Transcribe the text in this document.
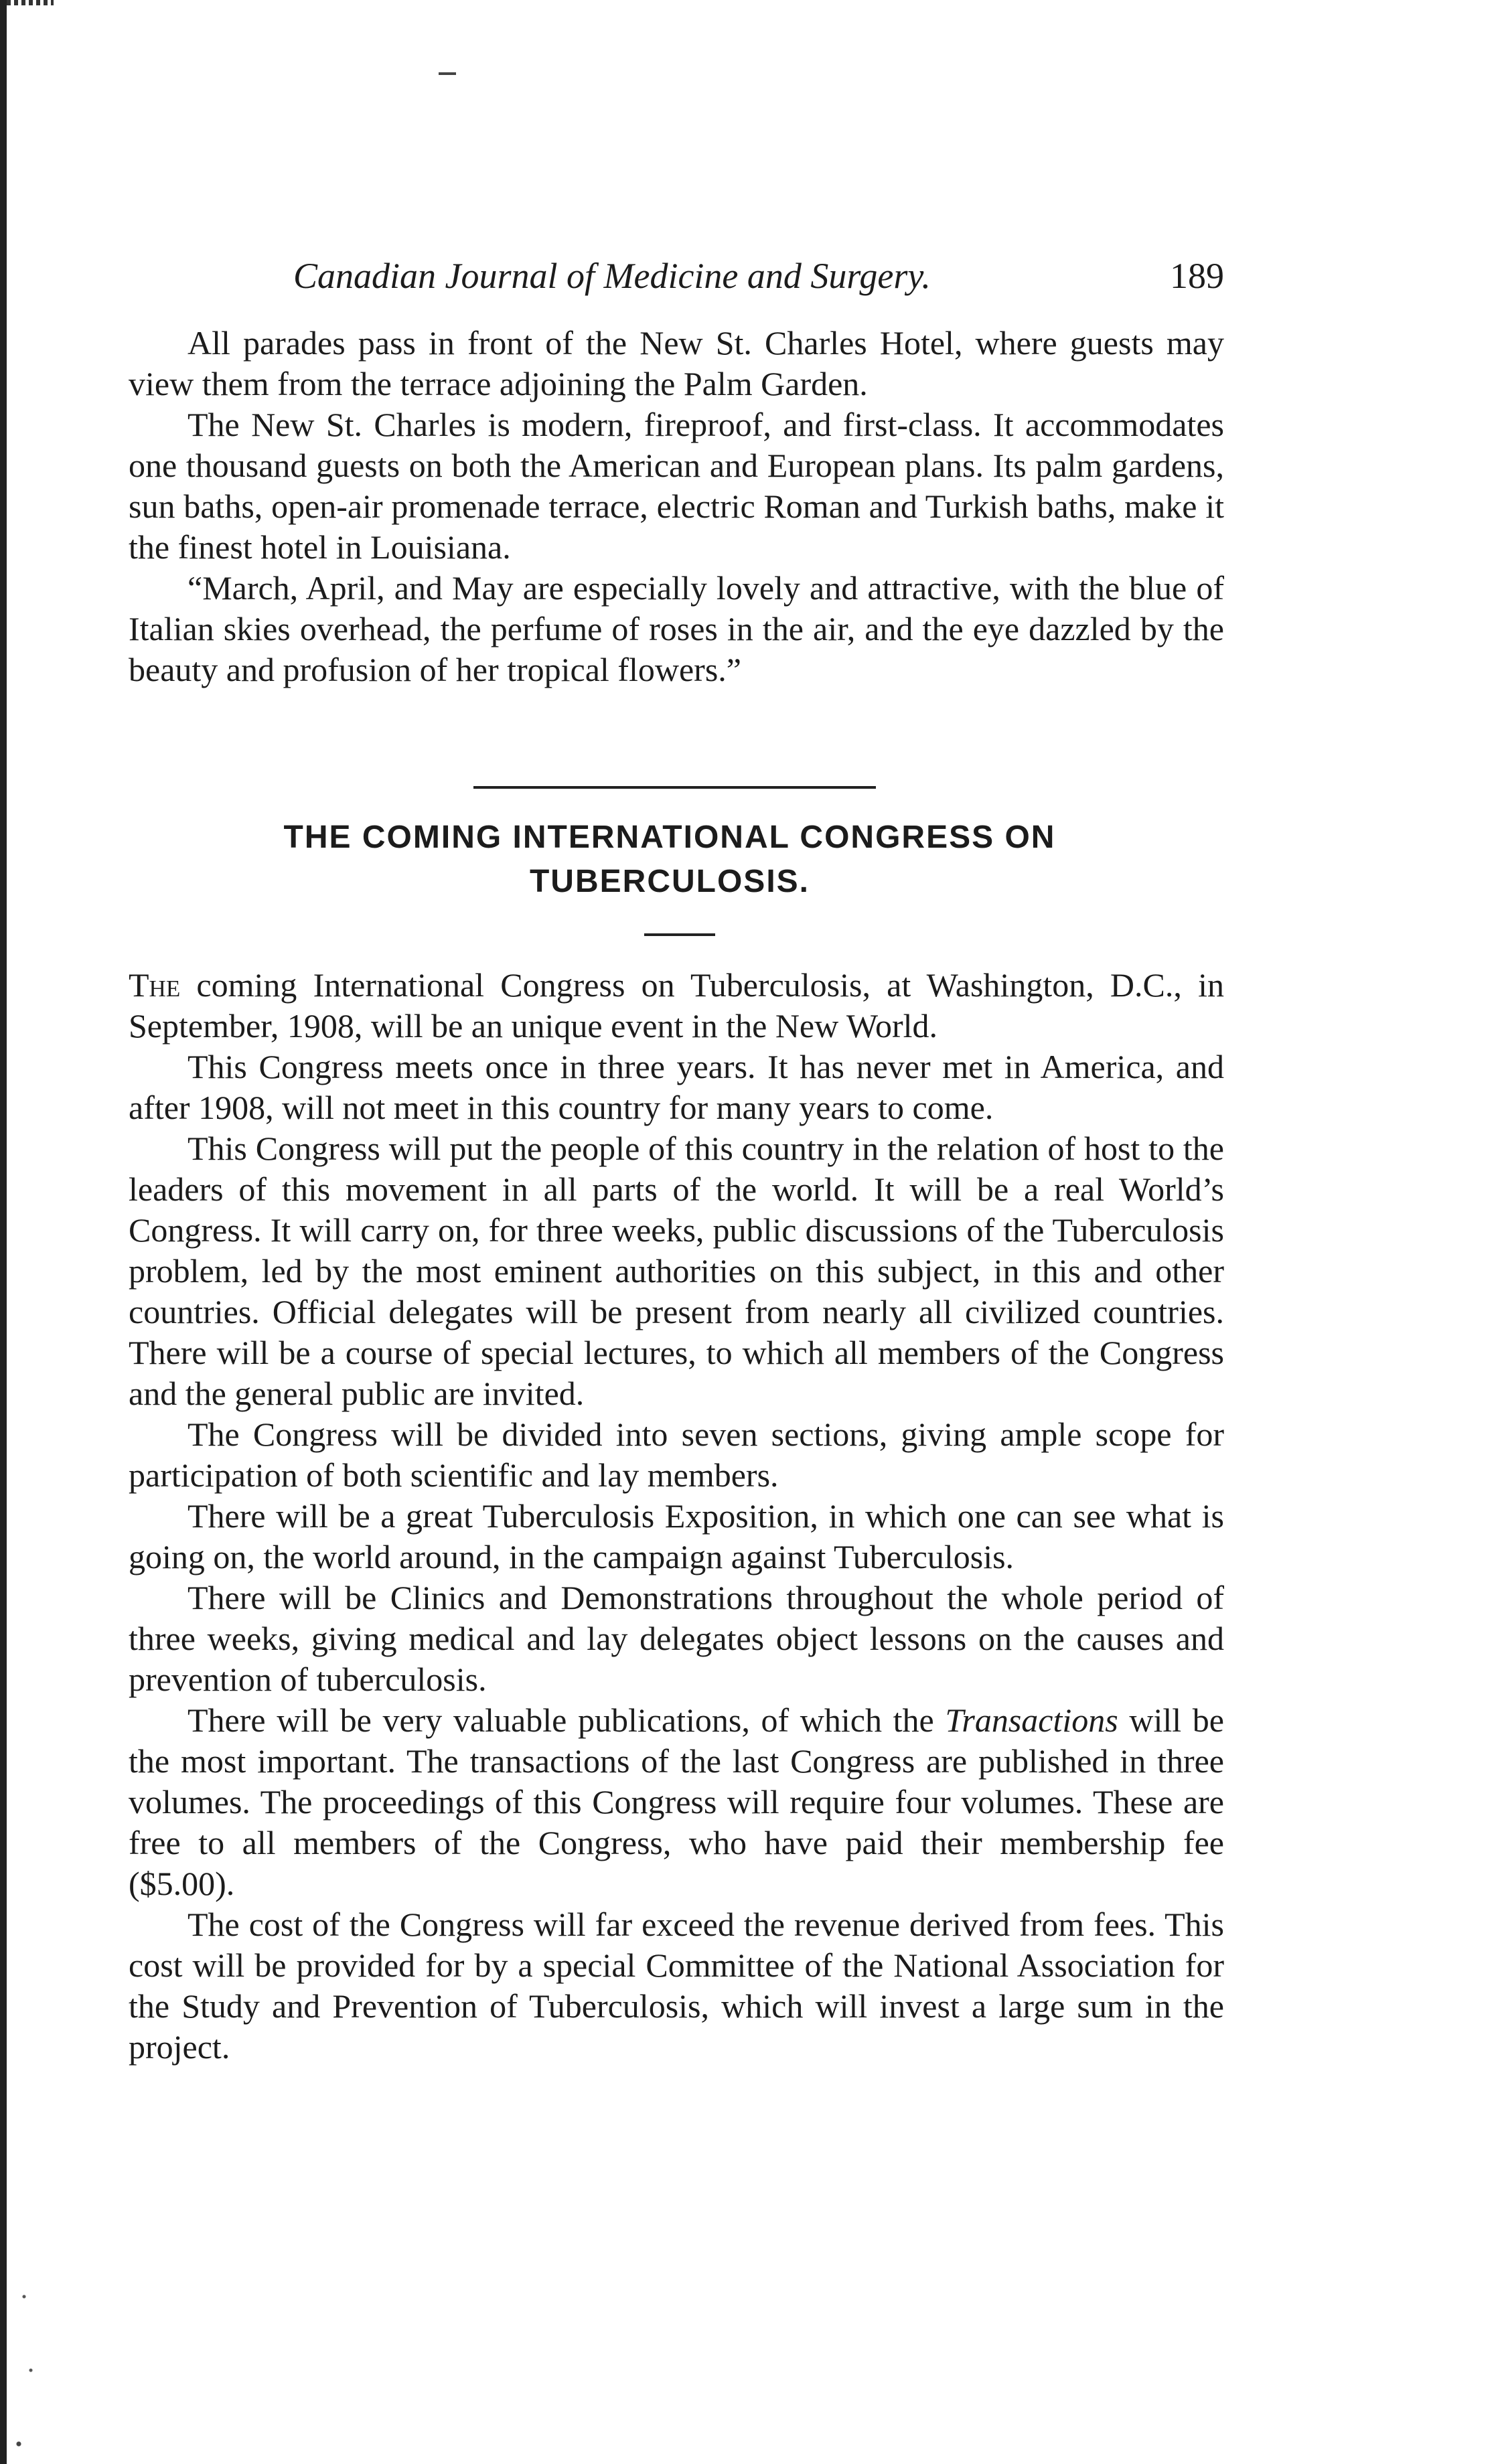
Canadian Journal of Medicine and Surgery.	189

All parades pass in front of the New St. Charles Hotel, where guests may view them from the terrace adjoining the Palm Garden.

The New St. Charles is modern, fireproof, and first-class. It accommodates one thousand guests on both the American and European plans. Its palm gardens, sun baths, open-air promenade terrace, electric Roman and Turkish baths, make it the finest hotel in Louisiana.

“March, April, and May are especially lovely and attractive, with the blue of Italian skies overhead, the perfume of roses in the air, and the eye dazzled by the beauty and profusion of her tropical flowers.”

THE COMING INTERNATIONAL CONGRESS ON
TUBERCULOSIS.

The coming International Congress on Tuberculosis, at Washington, D.C., in September, 1908, will be an unique event in the New World.

This Congress meets once in three years. It has never met in America, and after 1908, will not meet in this country for many years to come.

This Congress will put the people of this country in the relation of host to the leaders of this movement in all parts of the world. It will be a real World’s Congress. It will carry on, for three weeks, public discussions of the Tuberculosis problem, led by the most eminent authorities on this subject, in this and other countries. Official delegates will be present from nearly all civilized countries. There will be a course of special lectures, to which all members of the Congress and the general public are invited.

The Congress will be divided into seven sections, giving ample scope for participation of both scientific and lay members.

There will be a great Tuberculosis Exposition, in which one can see what is going on, the world around, in the campaign against Tuberculosis.

There will be Clinics and Demonstrations throughout the whole period of three weeks, giving medical and lay delegates object lessons on the causes and prevention of tuberculosis.

There will be very valuable publications, of which the Transactions will be the most important. The transactions of the last Congress are published in three volumes. The proceedings of this Congress will require four volumes. These are free to all members of the Congress, who have paid their membership fee ($5.00).

The cost of the Congress will far exceed the revenue derived from fees. This cost will be provided for by a special Committee of the National Association for the Study and Prevention of Tuberculosis, which will invest a large sum in the project.
